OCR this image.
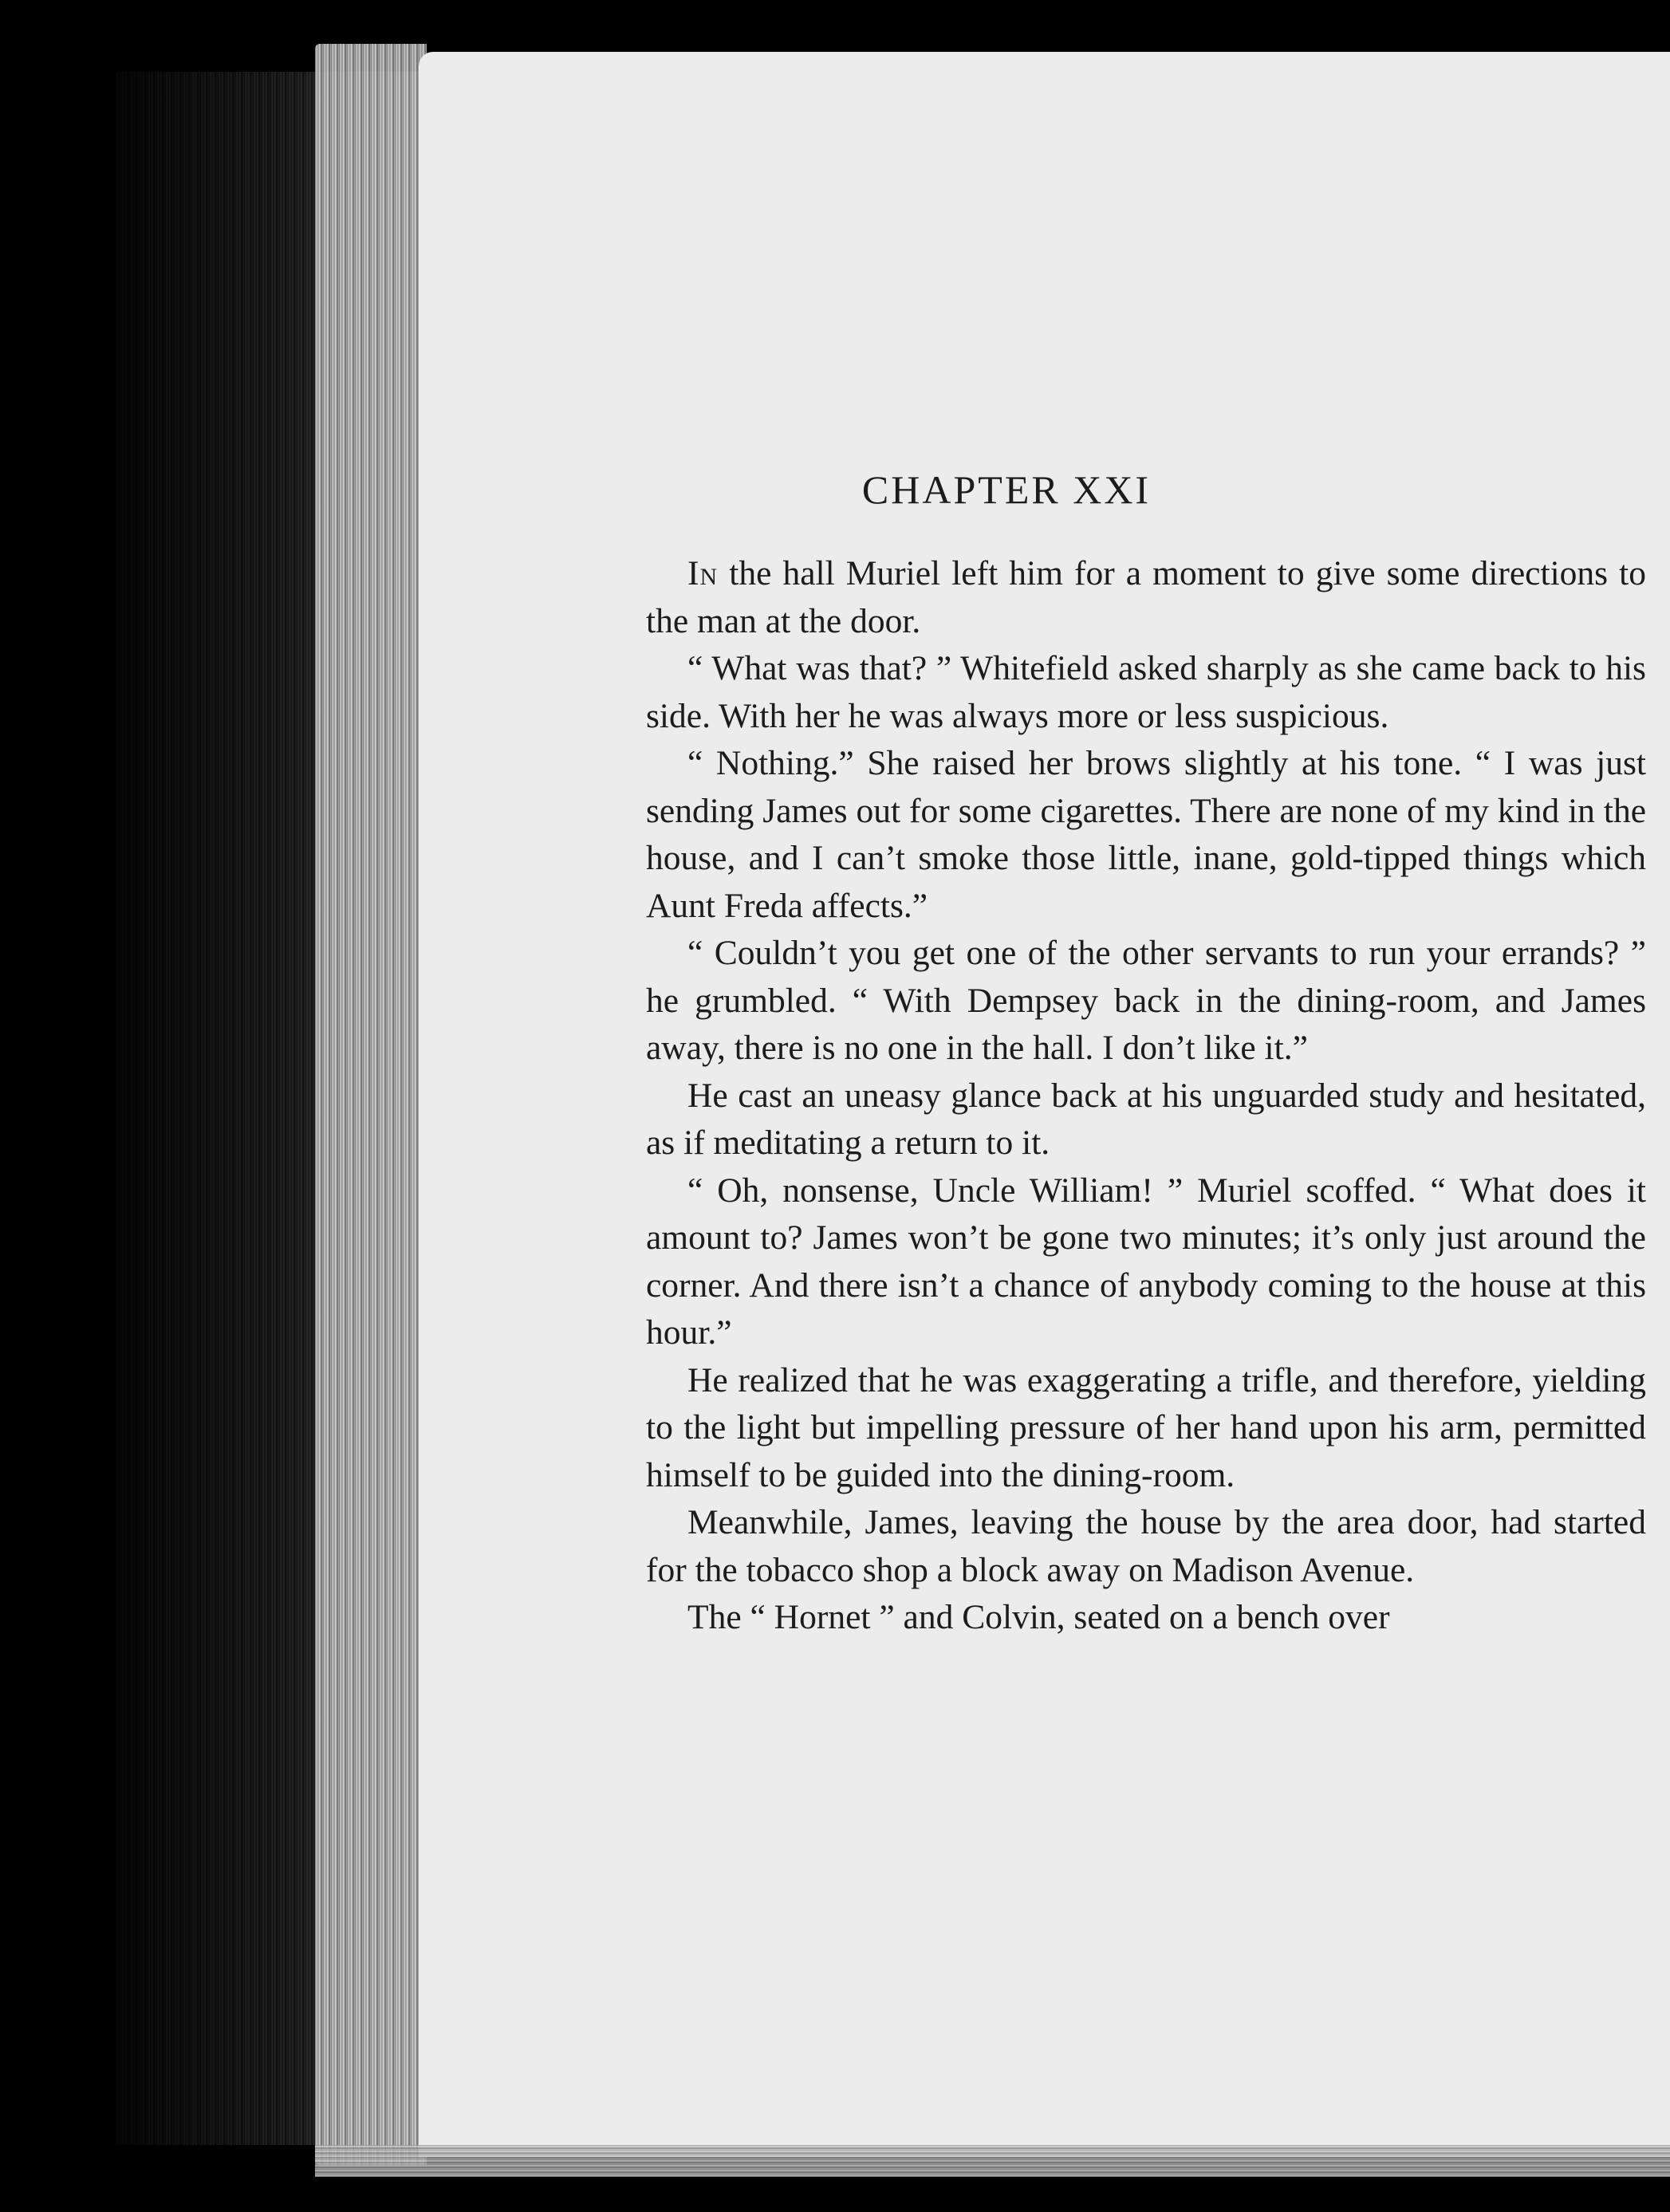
CHAPTER XXI

In the hall Muriel left him for a moment to give some directions to the man at the door.

“ What was that? ” Whitefield asked sharply as she came back to his side. With her he was always more or less suspicious.

“ Nothing.” She raised her brows slightly at his tone. “ I was just sending James out for some cigarettes. There are none of my kind in the house, and I can’t smoke those little, inane, gold-tipped things which Aunt Freda affects.”

“ Couldn’t you get one of the other servants to run your errands? ” he grumbled. “ With Dempsey back in the dining-room, and James away, there is no one in the hall. I don’t like it.”

He cast an uneasy glance back at his unguarded study and hesitated, as if meditating a return to it.

“ Oh, nonsense, Uncle William! ” Muriel scoffed. “ What does it amount to? James won’t be gone two minutes; it’s only just around the corner. And there isn’t a chance of anybody coming to the house at this hour.”

He realized that he was exaggerating a trifle, and therefore, yielding to the light but impelling pressure of her hand upon his arm, permitted himself to be guided into the dining-room.

Meanwhile, James, leaving the house by the area door, had started for the tobacco shop a block away on Madison Avenue.

The “ Hornet ” and Colvin, seated on a bench over
